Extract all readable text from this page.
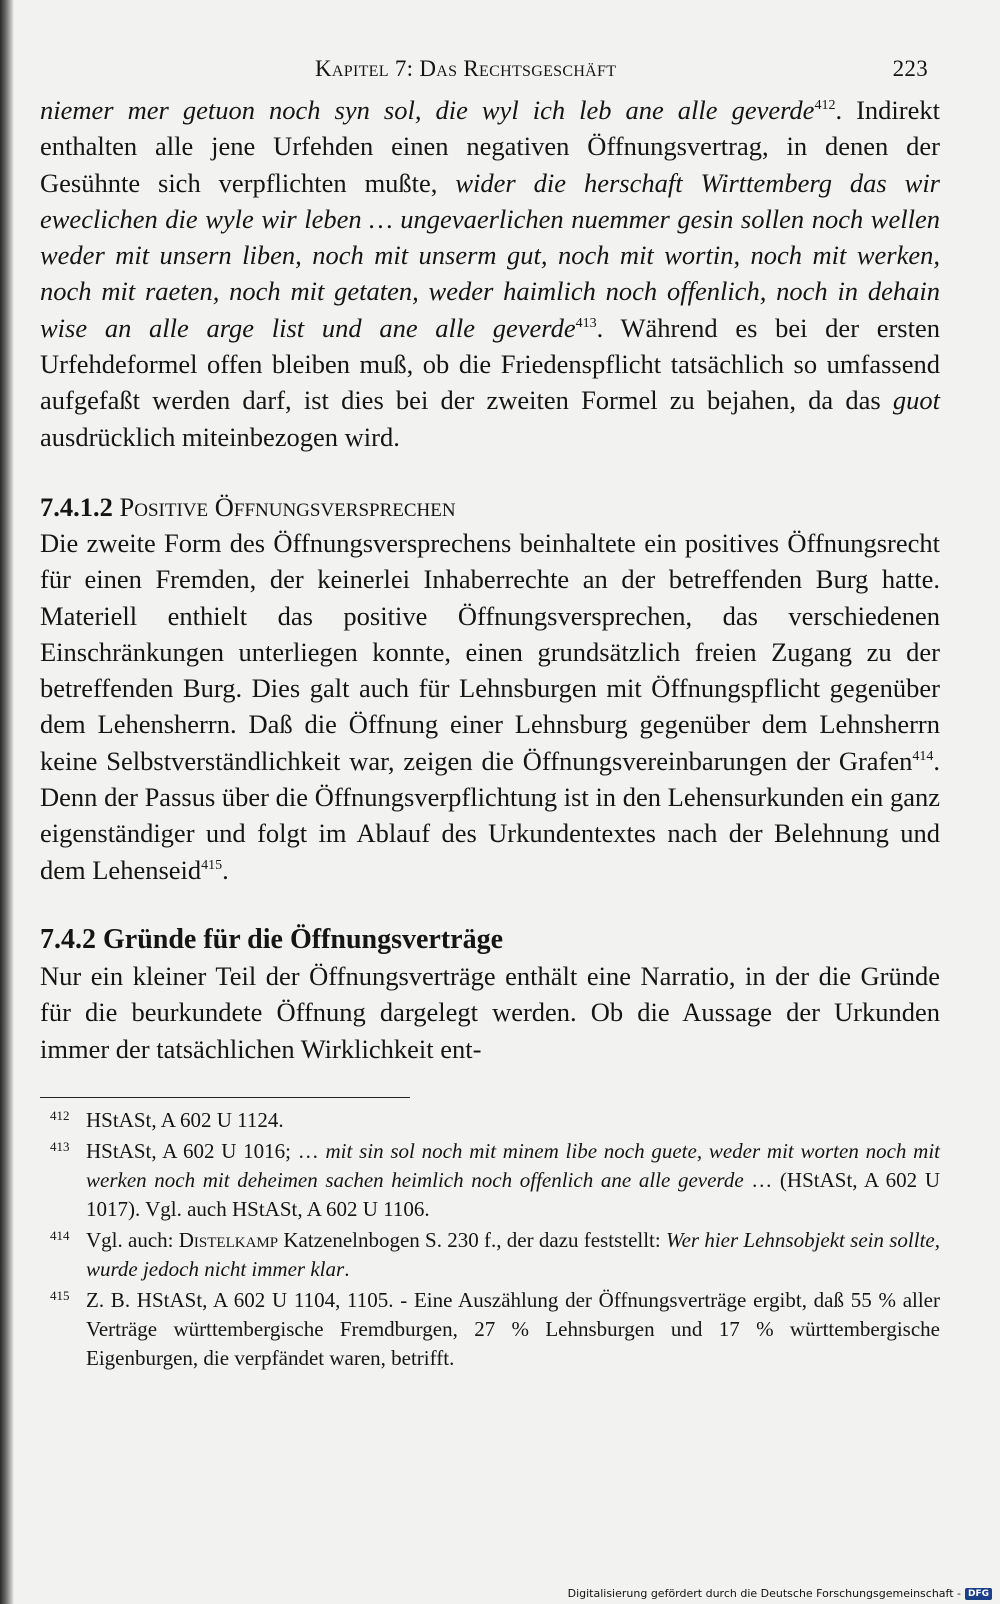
Kapitel 7: Das Rechtsgeschäft	223

niemer mer getuon noch syn sol, die wyl ich leb ane alle geverde$^{412}$. Indirekt enthalten alle jene Urfehden einen negativen Öffnungsvertrag, in denen der Gesühnte sich verpflichten mußte, wider die herschaft Wirttemberg das wir eweclichen die wyle wir leben … ungevaerlichen nuemmer gesin sollen noch wellen weder mit unsern liben, noch mit unserm gut, noch mit wortin, noch mit werken, noch mit raeten, noch mit getaten, weder haimlich noch offenlich, noch in dehain wise an alle arge list und ane alle geverde$^{413}$. Während es bei der ersten Urfehdeformel offen bleiben muß, ob die Friedenspflicht tatsächlich so umfassend aufgefaßt werden darf, ist dies bei der zweiten Formel zu bejahen, da das guot ausdrücklich miteinbezogen wird.

7.4.1.2 Positive Öffnungsversprechen

Die zweite Form des Öffnungsversprechens beinhaltete ein positives Öffnungsrecht für einen Fremden, der keinerlei Inhaberrechte an der betreffenden Burg hatte. Materiell enthielt das positive Öffnungsversprechen, das verschiedenen Einschränkungen unterliegen konnte, einen grundsätzlich freien Zugang zu der betreffenden Burg. Dies galt auch für Lehnsburgen mit Öffnungspflicht gegenüber dem Lehensherrn. Daß die Öffnung einer Lehnsburg gegenüber dem Lehnsherrn keine Selbstverständlichkeit war, zeigen die Öffnungsvereinbarungen der Grafen$^{414}$. Denn der Passus über die Öffnungsverpflichtung ist in den Lehensurkunden ein ganz eigenständiger und folgt im Ablauf des Urkundentextes nach der Belehnung und dem Lehenseid$^{415}$.

7.4.2 Gründe für die Öffnungsverträge

Nur ein kleiner Teil der Öffnungsverträge enthält eine Narratio, in der die Gründe für die beurkundete Öffnung dargelegt werden. Ob die Aussage der Urkunden immer der tatsächlichen Wirklichkeit ent-

412 HStASt, A 602 U 1124.
413 HStASt, A 602 U 1016; … mit sin sol noch mit minem libe noch guete, weder mit worten noch mit werken noch mit deheimen sachen heimlich noch offenlich ane alle geverde … (HStASt, A 602 U 1017). Vgl. auch HStASt, A 602 U 1106.
414 Vgl. auch: Distelkamp Katzenelnbogen S. 230 f., der dazu feststellt: Wer hier Lehnsobjekt sein sollte, wurde jedoch nicht immer klar.
415 Z. B. HStASt, A 602 U 1104, 1105. - Eine Auszählung der Öffnungsverträge ergibt, daß 55 % aller Verträge württembergische Fremdburgen, 27 % Lehnsburgen und 17 % württembergische Eigenburgen, die verpfändet waren, betrifft.
Digitalisierung gefördert durch die Deutsche Forschungsgemeinschaft - DFG
